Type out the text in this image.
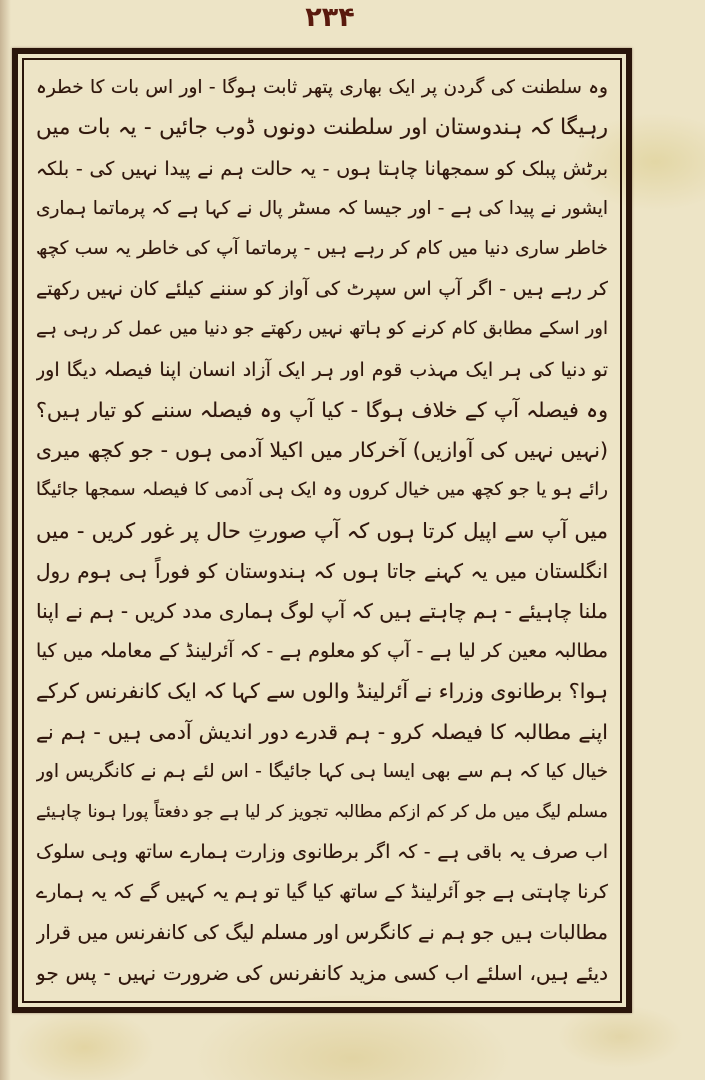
۲۳۴
وہ سلطنت کی گردن پر ایک بھاری پتھر ثابت ہوگا - اور اس بات کا خطرہ
رہیگا کہ ہندوستان اور سلطنت دونوں ڈوب جائیں - یہ بات میں
برٹش پبلک کو سمجھانا چاہتا ہوں - یہ حالت ہم نے پیدا نہیں کی - بلکہ
ایشور نے پیدا کی ہے - اور جیسا کہ مسٹر پال نے کہا ہے کہ پرماتما ہماری
خاطر ساری دنیا میں کام کر رہے ہیں - پرماتما آپ کی خاطر یہ سب کچھ
کر رہے ہیں - اگر آپ اس سپرٹ کی آواز کو سننے کیلئے کان نہیں رکھتے
اور اسکے مطابق کام کرنے کو ہاتھ نہیں رکھتے جو دنیا میں عمل کر رہی ہے
تو دنیا کی ہر ایک مہذب قوم اور ہر ایک آزاد انسان اپنا فیصلہ دیگا اور
وہ فیصلہ آپ کے خلاف ہوگا - کیا آپ وہ فیصلہ سننے کو تیار ہیں؟
(نہیں نہیں کی آوازیں) آخرکار میں اکیلا آدمی ہوں - جو کچھ میری
رائے ہو یا جو کچھ میں خیال کروں وہ ایک ہی آدمی کا فیصلہ سمجھا جائیگا
میں آپ سے اپیل کرتا ہوں کہ آپ صورتِ حال پر غور کریں - میں
انگلستان میں یہ کہنے جاتا ہوں کہ ہندوستان کو فوراً ہی ہوم رول
ملنا چاہیئے - ہم چاہتے ہیں کہ آپ لوگ ہماری مدد کریں - ہم نے اپنا
مطالبہ معین کر لیا ہے - آپ کو معلوم ہے - کہ آئرلینڈ کے معاملہ میں کیا
ہوا؟ برطانوی وزراء نے آئرلینڈ والوں سے کہا کہ ایک کانفرنس کرکے
اپنے مطالبہ کا فیصلہ کرو - ہم قدرے دور اندیش آدمی ہیں - ہم نے
خیال کیا کہ ہم سے بھی ایسا ہی کہا جائیگا - اس لئے ہم نے کانگریس اور
مسلم لیگ میں مل کر کم ازکم مطالبہ تجویز کر لیا ہے جو دفعتاً پورا ہونا چاہیئے
اب صرف یہ باقی ہے - کہ اگر برطانوی وزارت ہمارے ساتھ وہی سلوک
کرنا چاہتی ہے جو آئرلینڈ کے ساتھ کیا گیا تو ہم یہ کہیں گے کہ یہ ہمارے
مطالبات ہیں جو ہم نے کانگرس اور مسلم لیگ کی کانفرنس میں قرار
دیئے ہیں، اسلئے اب کسی مزید کانفرنس کی ضرورت نہیں - پس جو
